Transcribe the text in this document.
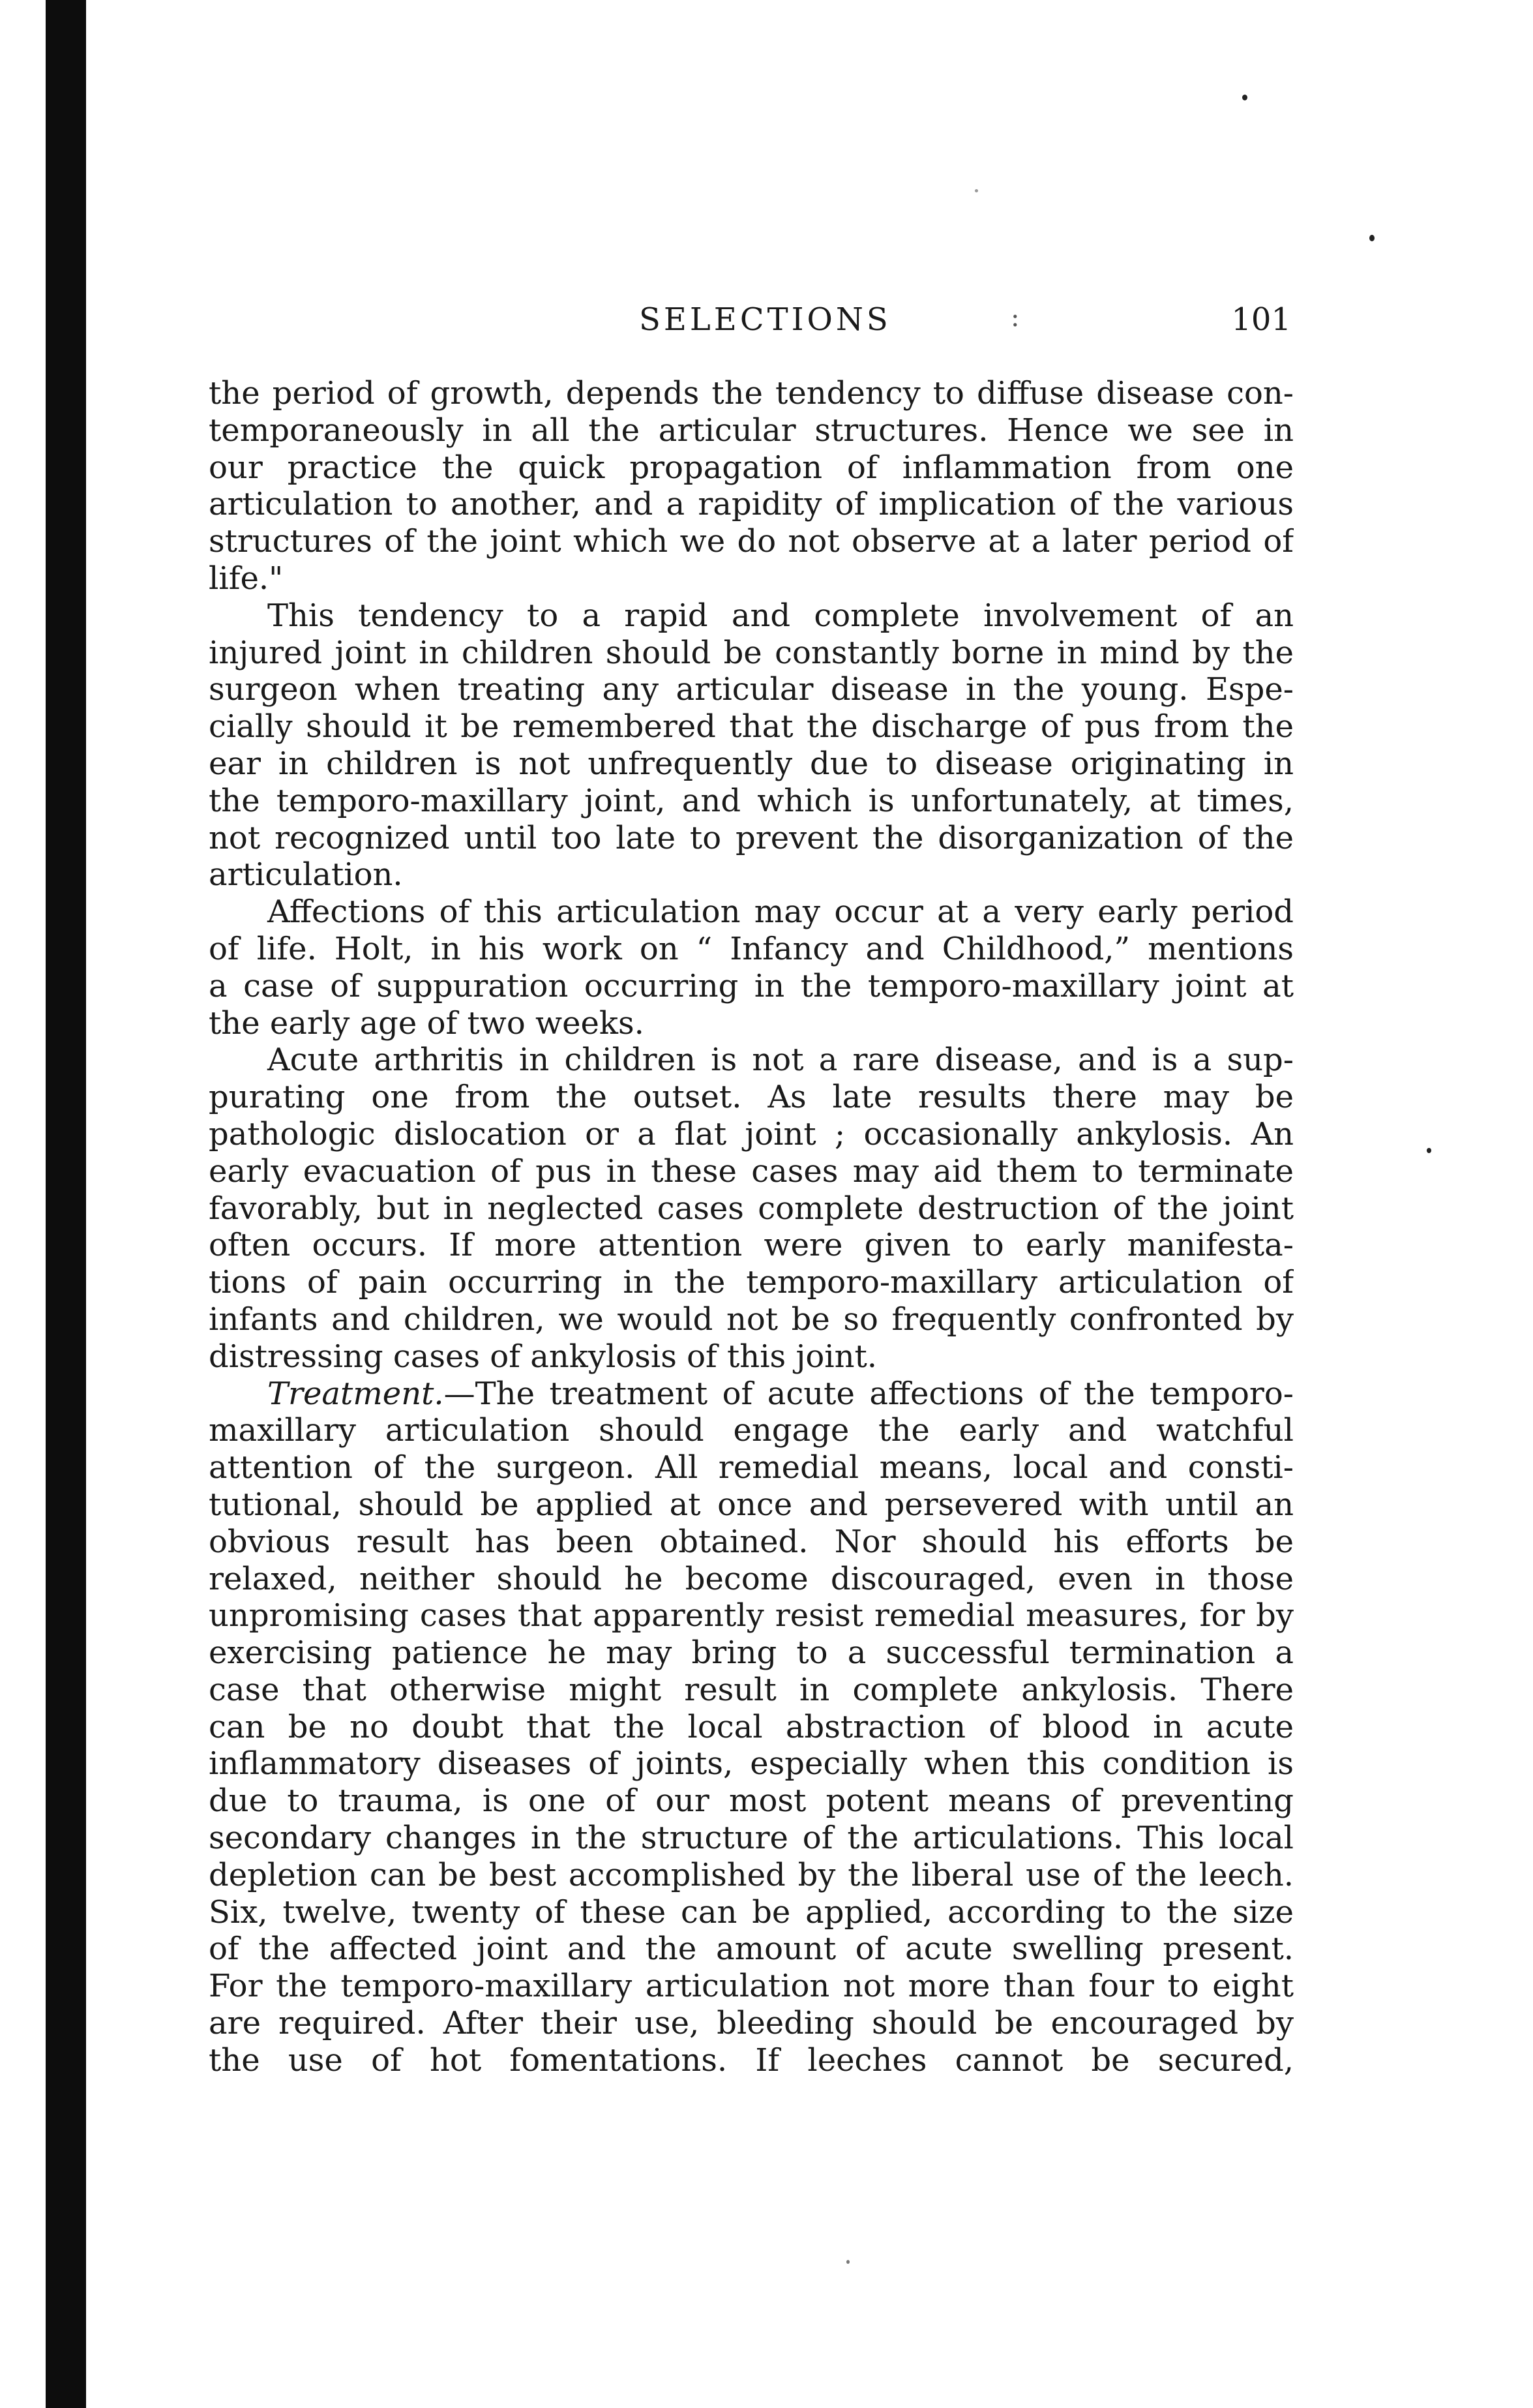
SELECTIONS	:	101
the period of growth, depends the tendency to diffuse disease con-
temporaneously in all the articular structures. Hence we see in
our practice the quick propagation of inflammation from one
articulation to another, and a rapidity of implication of the various
structures of the joint which we do not observe at a later period of
life."
This tendency to a rapid and complete involvement of an
injured joint in children should be constantly borne in mind by the
surgeon when treating any articular disease in the young. Espe-
cially should it be remembered that the discharge of pus from the
ear in children is not unfrequently due to disease originating in
the temporo-maxillary joint, and which is unfortunately, at times,
not recognized until too late to prevent the disorganization of the
articulation.
Affections of this articulation may occur at a very early period
of life. Holt, in his work on “ Infancy and Childhood,” mentions
a case of suppuration occurring in the temporo-maxillary joint at
the early age of two weeks.
Acute arthritis in children is not a rare disease, and is a sup-
purating one from the outset. As late results there may be
pathologic dislocation or a flat joint ; occasionally ankylosis. An
early evacuation of pus in these cases may aid them to terminate
favorably, but in neglected cases complete destruction of the joint
often occurs. If more attention were given to early manifesta-
tions of pain occurring in the temporo-maxillary articulation of
infants and children, we would not be so frequently confronted by
distressing cases of ankylosis of this joint.
Treatment.—The treatment of acute affections of the temporo-
maxillary articulation should engage the early and watchful
attention of the surgeon. All remedial means, local and consti-
tutional, should be applied at once and persevered with until an
obvious result has been obtained. Nor should his efforts be
relaxed, neither should he become discouraged, even in those
unpromising cases that apparently resist remedial measures, for by
exercising patience he may bring to a successful termination a
case that otherwise might result in complete ankylosis. There
can be no doubt that the local abstraction of blood in acute
inflammatory diseases of joints, especially when this condition is
due to trauma, is one of our most potent means of preventing
secondary changes in the structure of the articulations. This local
depletion can be best accomplished by the liberal use of the leech.
Six, twelve, twenty of these can be applied, according to the size
of the affected joint and the amount of acute swelling present.
For the temporo-maxillary articulation not more than four to eight
are required. After their use, bleeding should be encouraged by
the use of hot fomentations. If leeches cannot be secured,
